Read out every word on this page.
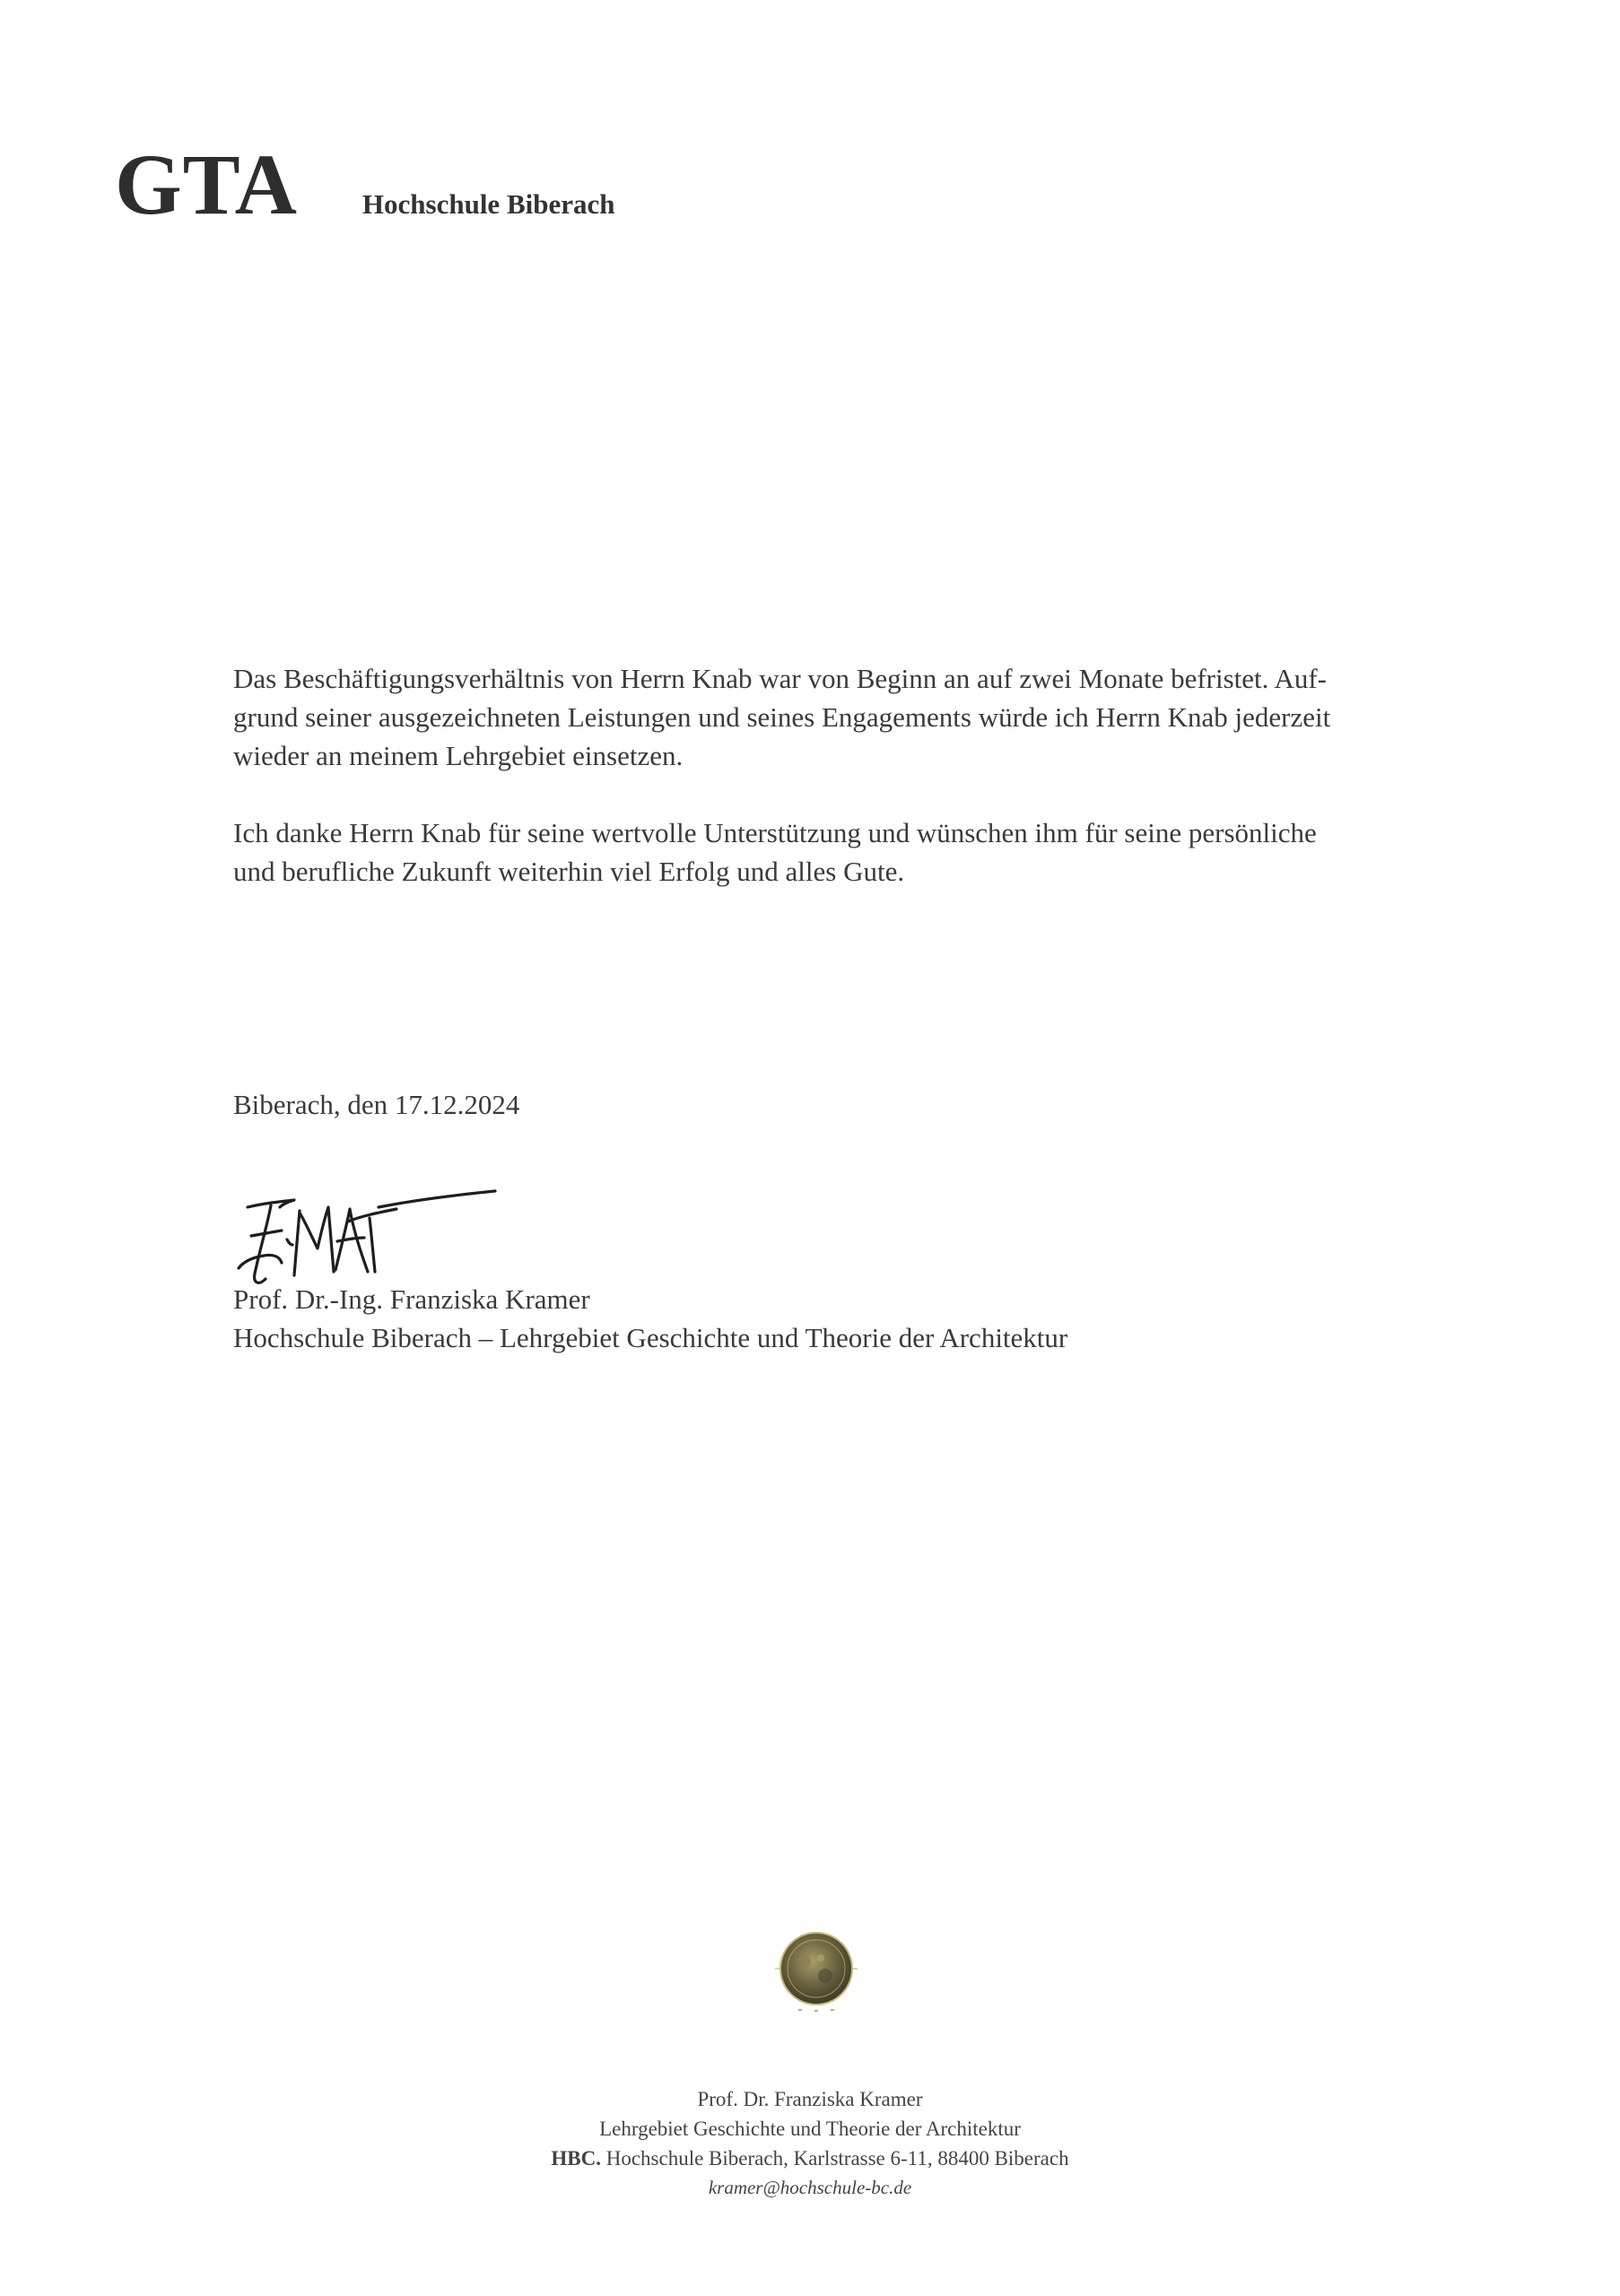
GTA Hochschule Biberach

Das Beschäftigungsverhältnis von Herrn Knab war von Beginn an auf zwei Monate befristet. Auf-

grund seiner ausgezeichneten Leistungen und seines Engagements würde ich Herrn Knab jederzeit

wieder an meinem Lehrgebiet einsetzen.

Ich danke Herrn Knab für seine wertvolle Unterstützung und wünschen ihm für seine persönliche

und berufliche Zukunft weiterhin viel Erfolg und alles Gute.

Biberach, den 17.12.2024
Prof. Dr.-Ing. Franziska Kramer
Hochschule Biberach – Lehrgebiet Geschichte und Theorie der Architektur
Prof. Dr. Franziska Kramer
Lehrgebiet Geschichte und Theorie der Architektur
HBC. Hochschule Biberach, Karlstrasse 6-11, 88400 Biberach
kramer@hochschule-bc.de
